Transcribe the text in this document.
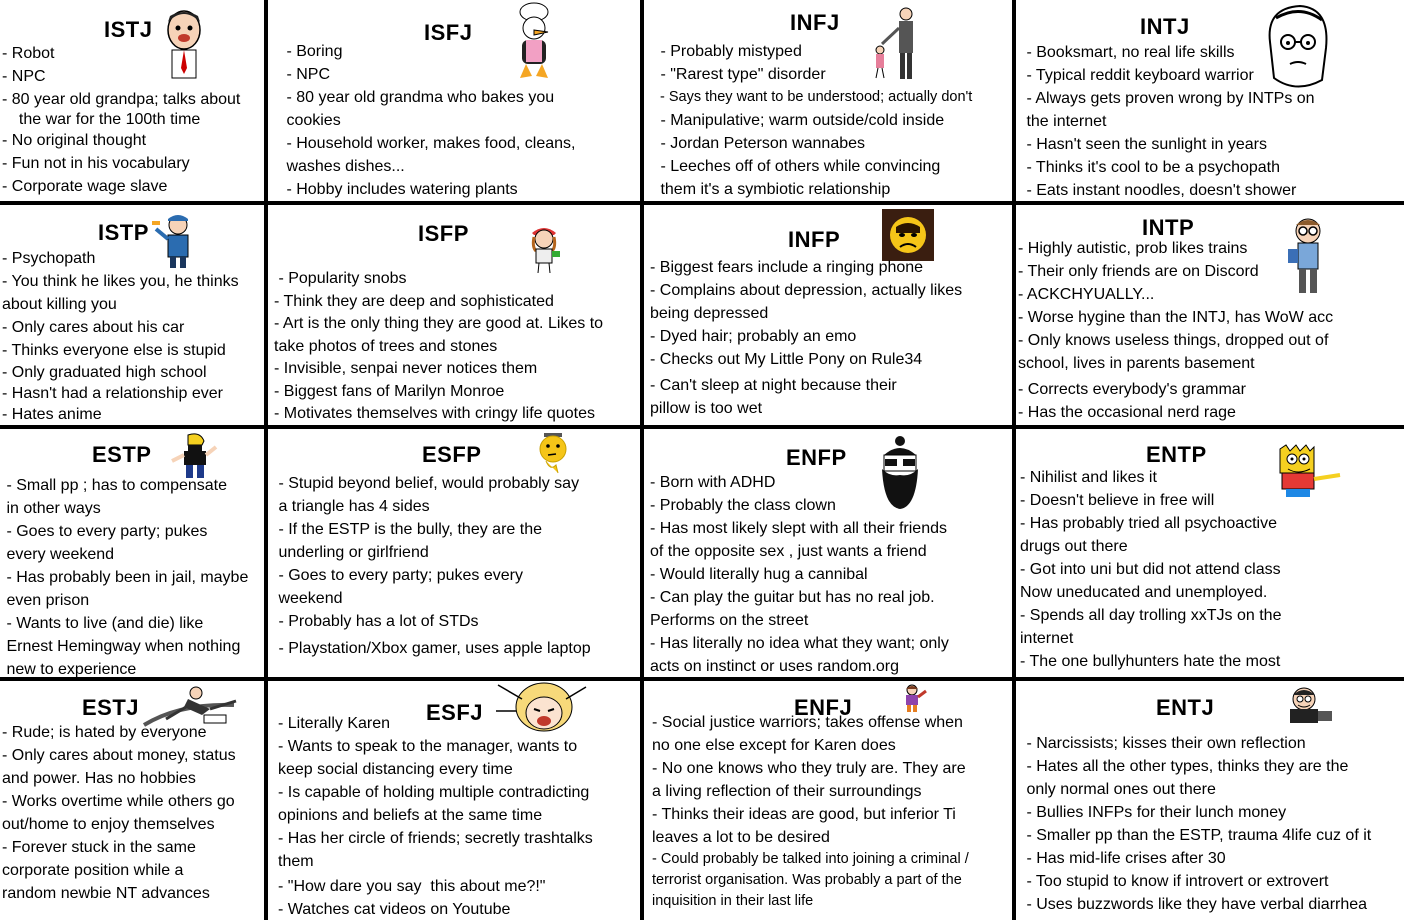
ISTJ
- Robot
- NPC
- 80 year old grandpa; talks about
the war for the 100th time
- No original thought
- Fun not in his vocabulary
- Corporate wage slave
ISFJ
- Boring
- NPC
- 80 year old grandma who bakes you
cookies
- Household worker, makes food, cleans,
washes dishes...
- Hobby includes watering plants
INFJ
- Probably mistyped
- "Rarest type" disorder
- Says they want to be understood; actually don't
- Manipulative; warm outside/cold inside
- Jordan Peterson wannabes
- Leeches off of others while convincing
them it's a symbiotic relationship
INTJ
- Booksmart, no real life skills
- Typical reddit keyboard warrior
- Always gets proven wrong by INTPs on
the internet
- Hasn't seen the sunlight in years
- Thinks it's cool to be a psychopath
- Eats instant noodles, doesn't shower
ISTP
- Psychopath
- You think he likes you, he thinks
about killing you
- Only cares about his car
- Thinks everyone else is stupid
- Only graduated high school
- Hasn't had a relationship ever
- Hates anime
ISFP
- Popularity snobs
- Think they are deep and sophisticated
- Art is the only thing they are good at. Likes to
take photos of trees and stones
- Invisible, senpai never notices them
- Biggest fans of Marilyn Monroe
- Motivates themselves with cringy life quotes
INFP
- Biggest fears include a ringing phone
- Complains about depression, actually likes
being depressed
- Dyed hair; probably an emo
- Checks out My Little Pony on Rule34
- Can't sleep at night because their
pillow is too wet
INTP
- Highly autistic, prob likes trains
- Their only friends are on Discord
- ACKCHYUALLY...
- Worse hygine than the INTJ, has WoW acc
- Only knows useless things, dropped out of
school, lives in parents basement
- Corrects everybody's grammar
- Has the occasional nerd rage
ESTP
- Small pp ; has to compensate
in other ways
- Goes to every party; pukes
every weekend
- Has probably been in jail, maybe
even prison
- Wants to live (and die) like
Ernest Hemingway when nothing
new to experience
ESFP
- Stupid beyond belief, would probably say
a triangle has 4 sides
- If the ESTP is the bully, they are the
underling or girlfriend
- Goes to every party; pukes every
weekend
- Probably has a lot of STDs
- Playstation/Xbox gamer, uses apple laptop
ENFP
- Born with ADHD
- Probably the class clown
- Has most likely slept with all their friends
of the opposite sex , just wants a friend
- Would literally hug a cannibal
- Can play the guitar but has no real job.
Performs on the street
- Has literally no idea what they want; only
acts on instinct or uses random.org
ENTP
- Nihilist and likes it
- Doesn't believe in free will
- Has probably tried all psychoactive
drugs out there
- Got into uni but did not attend class
Now uneducated and unemployed.
- Spends all day trolling xxTJs on the
internet
- The one bullyhunters hate the most
ESTJ
- Rude; is hated by everyone
- Only cares about money, status
and power. Has no hobbies
- Works overtime while others go
out/home to enjoy themselves
- Forever stuck in the same
corporate position while a
random newbie NT advances
ESFJ
- Literally Karen
- Wants to speak to the manager, wants to
keep social distancing every time
- Is capable of holding multiple contradicting
opinions and beliefs at the same time
- Has her circle of friends; secretly trashtalks
them
- "How dare you say  this about me?!"
- Watches cat videos on Youtube
ENFJ
- Social justice warriors; takes offense when
no one else except for Karen does
- No one knows who they truly are. They are
a living reflection of their surroundings
- Thinks their ideas are good, but inferior Ti
leaves a lot to be desired
- Could probably be talked into joining a criminal /
terrorist organisation. Was probably a part of the
inquisition in their last life
ENTJ
- Narcissists; kisses their own reflection
- Hates all the other types, thinks they are the
only normal ones out there
- Bullies INFPs for their lunch money
- Smaller pp than the ESTP, trauma 4life cuz of it
- Has mid-life crises after 30
- Too stupid to know if introvert or extrovert
- Uses buzzwords like they have verbal diarrhea
